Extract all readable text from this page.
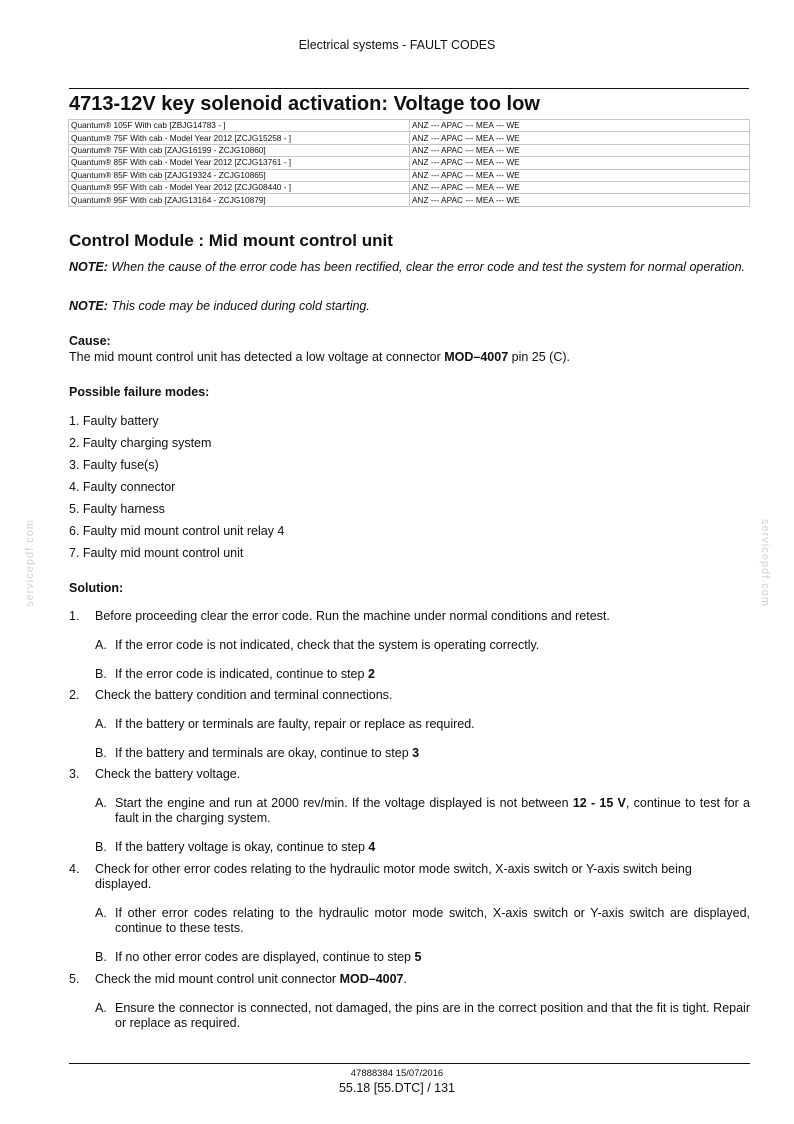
Electrical systems - FAULT CODES
4713-12V key solenoid activation: Voltage too low
Quantum® 105F With cab [ZBJG14783 - ]	ANZ --- APAC --- MEA --- WE
Quantum® 75F With cab - Model Year 2012 [ZCJG15258 - ]	ANZ --- APAC --- MEA --- WE
Quantum® 75F With cab [ZAJG16199 - ZCJG10860]	ANZ --- APAC --- MEA --- WE
Quantum® 85F With cab - Model Year 2012 [ZCJG13761 - ]	ANZ --- APAC --- MEA --- WE
Quantum® 85F With cab [ZAJG19324 - ZCJG10865]	ANZ --- APAC --- MEA --- WE
Quantum® 95F With cab - Model Year 2012 [ZCJG08440 - ]	ANZ --- APAC --- MEA --- WE
Quantum® 95F With cab [ZAJG13164 - ZCJG10879]	ANZ --- APAC --- MEA --- WE
Control Module : Mid mount control unit
NOTE: When the cause of the error code has been rectified, clear the error code and test the system for normal operation.
NOTE: This code may be induced during cold starting.
Cause:
The mid mount control unit has detected a low voltage at connector MOD–4007 pin 25 (C).
Possible failure modes:
1. Faulty battery
2. Faulty charging system
3. Faulty fuse(s)
4. Faulty connector
5. Faulty harness
6. Faulty mid mount control unit relay 4
7. Faulty mid mount control unit
Solution:
1. Before proceeding clear the error code. Run the machine under normal conditions and retest.
A. If the error code is not indicated, check that the system is operating correctly.
B. If the error code is indicated, continue to step 2
2. Check the battery condition and terminal connections.
A. If the battery or terminals are faulty, repair or replace as required.
B. If the battery and terminals are okay, continue to step 3
3. Check the battery voltage.
A. Start the engine and run at 2000 rev/min. If the voltage displayed is not between 12 - 15 V, continue to test for a fault in the charging system.
B. If the battery voltage is okay, continue to step 4
4. Check for other error codes relating to the hydraulic motor mode switch, X-axis switch or Y-axis switch being displayed.
A. If other error codes relating to the hydraulic motor mode switch, X-axis switch or Y-axis switch are displayed, continue to these tests.
B. If no other error codes are displayed, continue to step 5
5. Check the mid mount control unit connector MOD–4007.
A. Ensure the connector is connected, not damaged, the pins are in the correct position and that the fit is tight. Repair or replace as required.
47888384 15/07/2016
55.18 [55.DTC] / 131
servicepdf.com	servicepdf.com
